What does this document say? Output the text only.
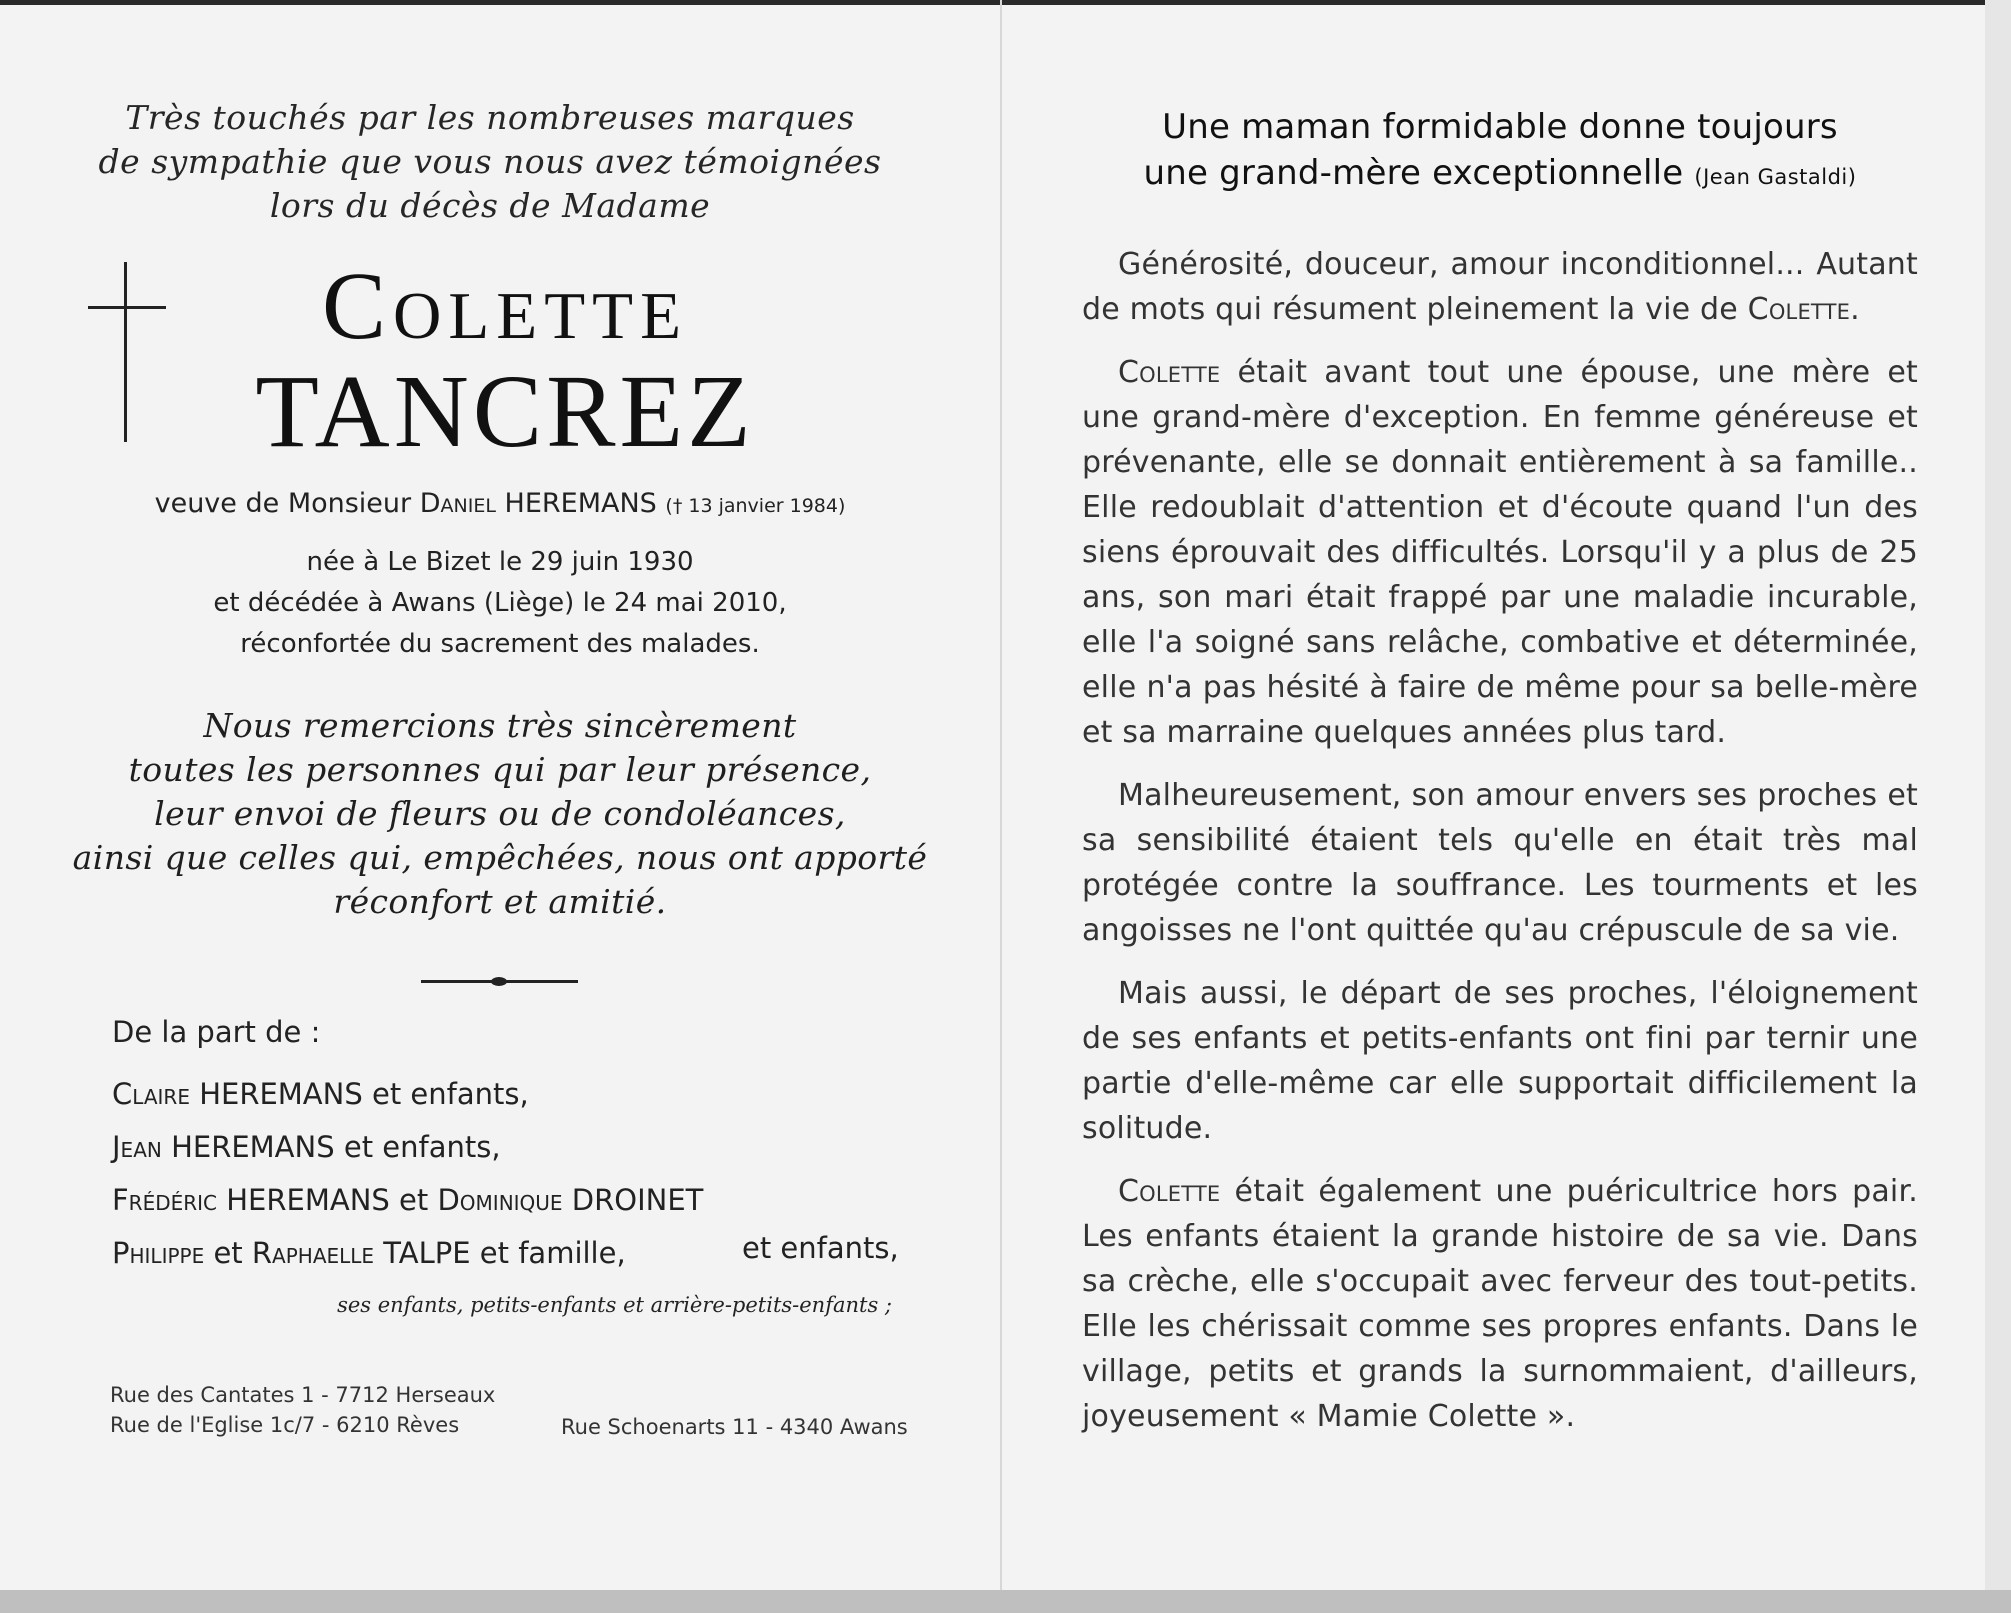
Très touchés par les nombreuses marques
de sympathie que vous nous avez témoignées
lors du décès de Madame
Colette
TANCREZ
veuve de Monsieur Daniel HEREMANS († 13 janvier 1984)
née à Le Bizet le 29 juin 1930
et décédée à Awans (Liège) le 24 mai 2010,
réconfortée du sacrement des malades.
Nous remercions très sincèrement
toutes les personnes qui par leur présence,
leur envoi de fleurs ou de condoléances,
ainsi que celles qui, empêchées, nous ont apporté
réconfort et amitié.
De la part de :
Claire HEREMANS et enfants,
Jean HEREMANS et enfants,
Frédéric HEREMANS et Dominique DROINET
Philippe et Raphaelle TALPE et famille,	et enfants,
ses enfants, petits-enfants et arrière-petits-enfants ;
Rue des Cantates 1 - 7712 Herseaux
Rue de l'Eglise 1c/7 - 6210 Rèves	Rue Schoenarts 11 - 4340 Awans
Une maman formidable donne toujours
une grand-mère exceptionnelle (Jean Gastaldi)

Générosité, douceur, amour inconditionnel... Autant de mots qui résument pleinement la vie de Colette.

Colette était avant tout une épouse, une mère et une grand-mère d'exception. En femme généreuse et prévenante, elle se donnait entièrement à sa famille.. Elle redoublait d'attention et d'écoute quand l'un des siens éprouvait des difficultés. Lorsqu'il y a plus de 25 ans, son mari était frappé par une maladie incurable, elle l'a soigné sans relâche, combative et déterminée, elle n'a pas hésité à faire de même pour sa belle-mère et sa marraine quelques années plus tard.

Malheureusement, son amour envers ses proches et sa sensibilité étaient tels qu'elle en était très mal protégée contre la souffrance. Les tourments et les angoisses ne l'ont quittée qu'au crépuscule de sa vie.

Mais aussi, le départ de ses proches, l'éloignement de ses enfants et petits-enfants ont fini par ternir une partie d'elle-même car elle supportait difficilement la solitude.

Colette était également une puéricultrice hors pair. Les enfants étaient la grande histoire de sa vie. Dans sa crèche, elle s'occupait avec ferveur des tout-petits. Elle les chérissait comme ses propres enfants. Dans le village, petits et grands la surnommaient, d'ailleurs, joyeusement « Mamie Colette ».
